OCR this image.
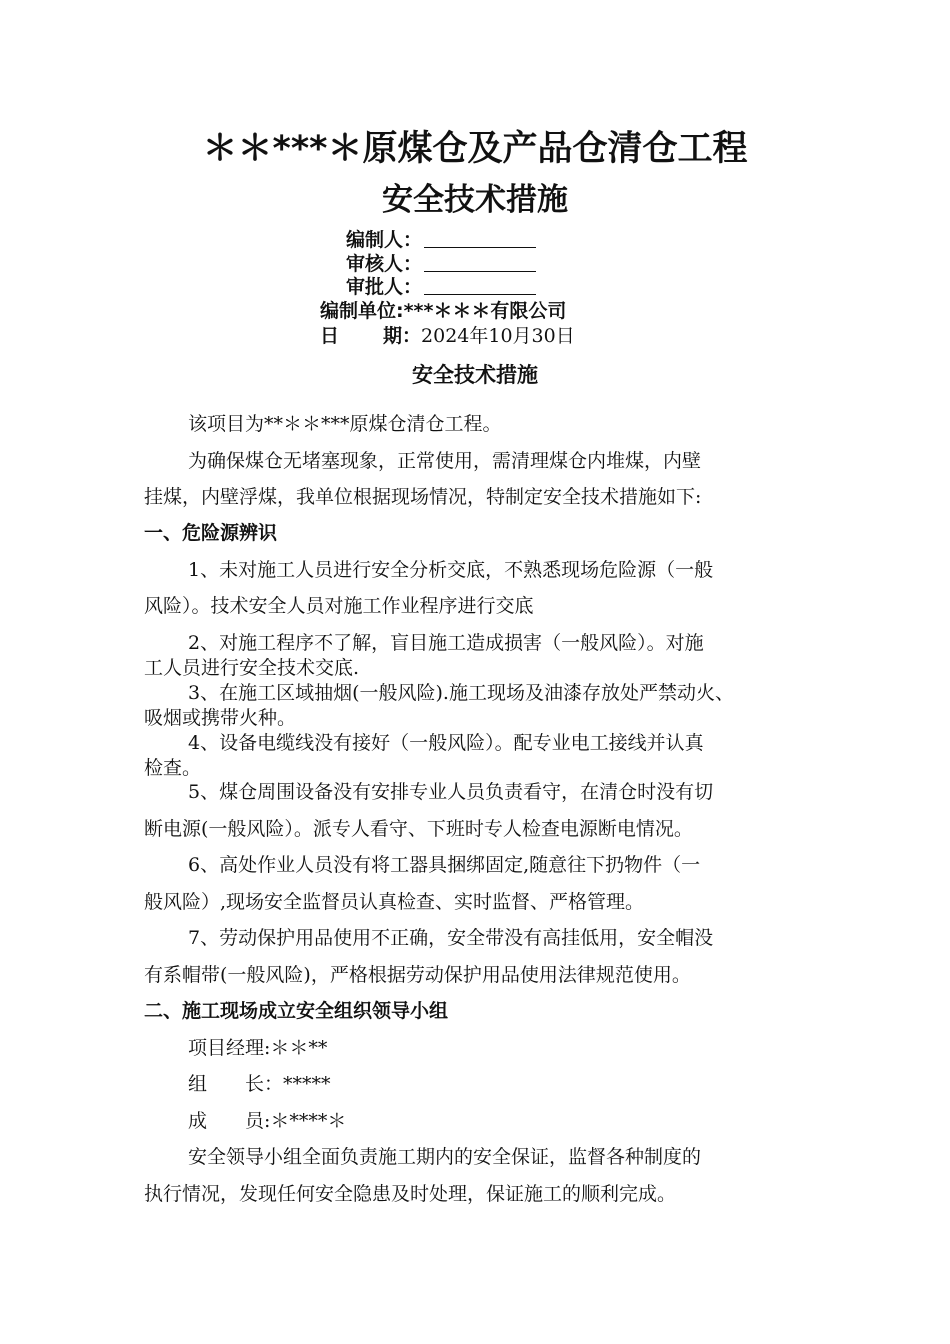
＊＊***＊原煤仓及产品仓清仓工程
安全技术措施
编制人：
审核人：
审批人：
编制单位:***＊＊＊有限公司
日 期：2024年10月30日
安全技术措施
该项目为**＊＊***原煤仓清仓工程。
为确保煤仓无堵塞现象，正常使用，需清理煤仓内堆煤，内壁
挂煤，内壁浮煤，我单位根据现场情况，特制定安全技术措施如下:
一、危险源辨识
1、未对施工人员进行安全分析交底，不熟悉现场危险源（一般
风险）。技术安全人员对施工作业程序进行交底
2、对施工程序不了解，盲目施工造成损害（一般风险）。对施
工人员进行安全技术交底.
3、在施工区域抽烟(一般风险).施工现场及油漆存放处严禁动火、
吸烟或携带火种。
4、设备电缆线没有接好（一般风险）。配专业电工接线并认真
检查。
5、煤仓周围设备没有安排专业人员负责看守，在清仓时没有切
断电源(一般风险）。派专人看守、下班时专人检查电源断电情况。
6、高处作业人员没有将工器具捆绑固定,随意往下扔物件（一
般风险）,现场安全监督员认真检查、实时监督、严格管理。
7、劳动保护用品使用不正确，安全带没有高挂低用，安全帽没
有系帽带(一般风险)，严格根据劳动保护用品使用法律规范使用。
二、施工现场成立安全组织领导小组
项目经理:＊＊**
组 长：*****
成 员:＊****＊
安全领导小组全面负责施工期内的安全保证，监督各种制度的
执行情况，发现任何安全隐患及时处理，保证施工的顺利完成。
